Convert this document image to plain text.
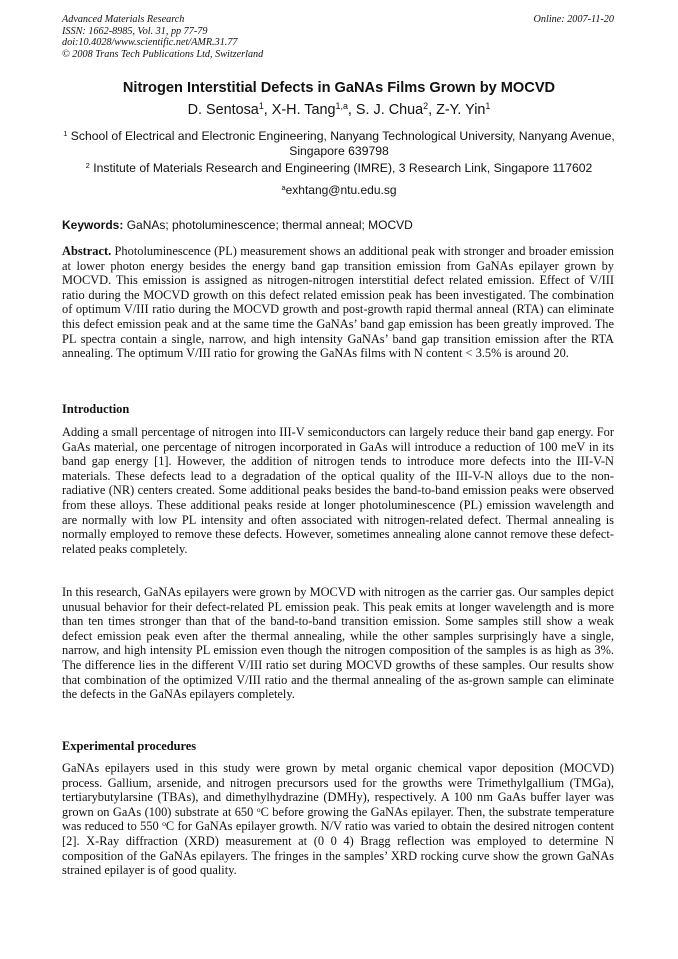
Advanced Materials Research
ISSN: 1662-8985, Vol. 31, pp 77-79
doi:10.4028/www.scientific.net/AMR.31.77
© 2008 Trans Tech Publications Ltd, Switzerland
Online: 2007-11-20
Nitrogen Interstitial Defects in GaNAs Films Grown by MOCVD
D. Sentosa$^1$, X-H. Tang$^{1,a}$, S. J. Chua$^2$, Z-Y. Yin$^1$
$^1$ School of Electrical and Electronic Engineering, Nanyang Technological University, Nanyang Avenue, Singapore 639798
$^2$ Institute of Materials Research and Engineering (IMRE), 3 Research Link, Singapore 117602
$^a$exhtang@ntu.edu.sg
Keywords: GaNAs; photoluminescence; thermal anneal; MOCVD
Abstract. Photoluminescence (PL) measurement shows an additional peak with stronger and broader emission at lower photon energy besides the energy band gap transition emission from GaNAs epilayer grown by MOCVD. This emission is assigned as nitrogen-nitrogen interstitial defect related emission. Effect of V/III ratio during the MOCVD growth on this defect related emission peak has been investigated. The combination of optimum V/III ratio during the MOCVD growth and post-growth rapid thermal anneal (RTA) can eliminate this defect emission peak and at the same time the GaNAs’ band gap emission has been greatly improved. The PL spectra contain a single, narrow, and high intensity GaNAs’ band gap transition emission after the RTA annealing. The optimum V/III ratio for growing the GaNAs films with N content < 3.5% is around 20.
Introduction
Adding a small percentage of nitrogen into III-V semiconductors can largely reduce their band gap energy. For GaAs material, one percentage of nitrogen incorporated in GaAs will introduce a reduction of 100 meV in its band gap energy [1]. However, the addition of nitrogen tends to introduce more defects into the III-V-N materials. These defects lead to a degradation of the optical quality of the III-V-N alloys due to the non-radiative (NR) centers created. Some additional peaks besides the band-to-band emission peaks were observed from these alloys. These additional peaks reside at longer photoluminescence (PL) emission wavelength and are normally with low PL intensity and often associated with nitrogen-related defect. Thermal annealing is normally employed to remove these defects. However, sometimes annealing alone cannot remove these defect-related peaks completely.
In this research, GaNAs epilayers were grown by MOCVD with nitrogen as the carrier gas. Our samples depict unusual behavior for their defect-related PL emission peak. This peak emits at longer wavelength and is more than ten times stronger than that of the band-to-band transition emission. Some samples still show a weak defect emission peak even after the thermal annealing, while the other samples surprisingly have a single, narrow, and high intensity PL emission even though the nitrogen composition of the samples is as high as 3%. The difference lies in the different V/III ratio set during MOCVD growths of these samples. Our results show that combination of the optimized V/III ratio and the thermal annealing of the as-grown sample can eliminate the defects in the GaNAs epilayers completely.
Experimental procedures
GaNAs epilayers used in this study were grown by metal organic chemical vapor deposition (MOCVD) process. Gallium, arsenide, and nitrogen precursors used for the growths were Trimethylgallium (TMGa), tertiarybutylarsine (TBAs), and dimethylhydrazine (DMHy), respectively. A 100 nm GaAs buffer layer was grown on GaAs (100) substrate at 650 $^o$C before growing the GaNAs epilayer. Then, the substrate temperature was reduced to 550 $^o$C for GaNAs epilayer growth. N/V ratio was varied to obtain the desired nitrogen content [2]. X-Ray diffraction (XRD) measurement at (0 0 4) Bragg reflection was employed to determine N composition of the GaNAs epilayers. The fringes in the samples’ XRD rocking curve show the grown GaNAs strained epilayer is of good quality.
